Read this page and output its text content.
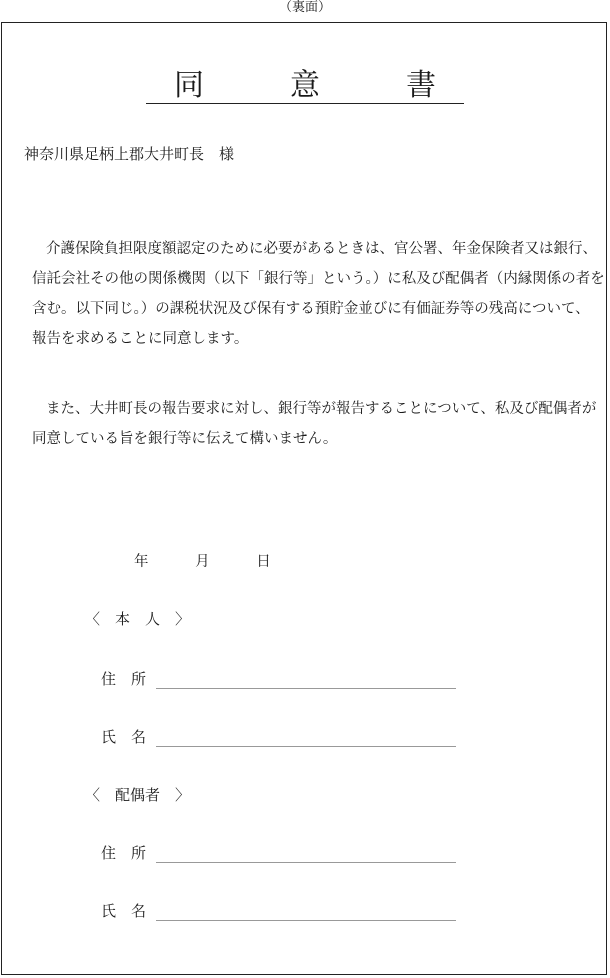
（裏面）
同　意　書
神奈川県足柄上郡大井町長　様
介護保険負担限度額認定のために必要があるときは、官公署、年金保険者又は銀行、
信託会社その他の関係機関（以下「銀行等」という。）に私及び配偶者（内縁関係の者を
含む。以下同じ。）の課税状況及び保有する預貯金並びに有価証券等の残高について、
報告を求めることに同意します。
また、大井町長の報告要求に対し、銀行等が報告することについて、私及び配偶者が
同意している旨を銀行等に伝えて構いません。
年	月	日
〈　本　人　〉
住　所
氏　名
〈　配偶者　〉
住　所
氏　名
